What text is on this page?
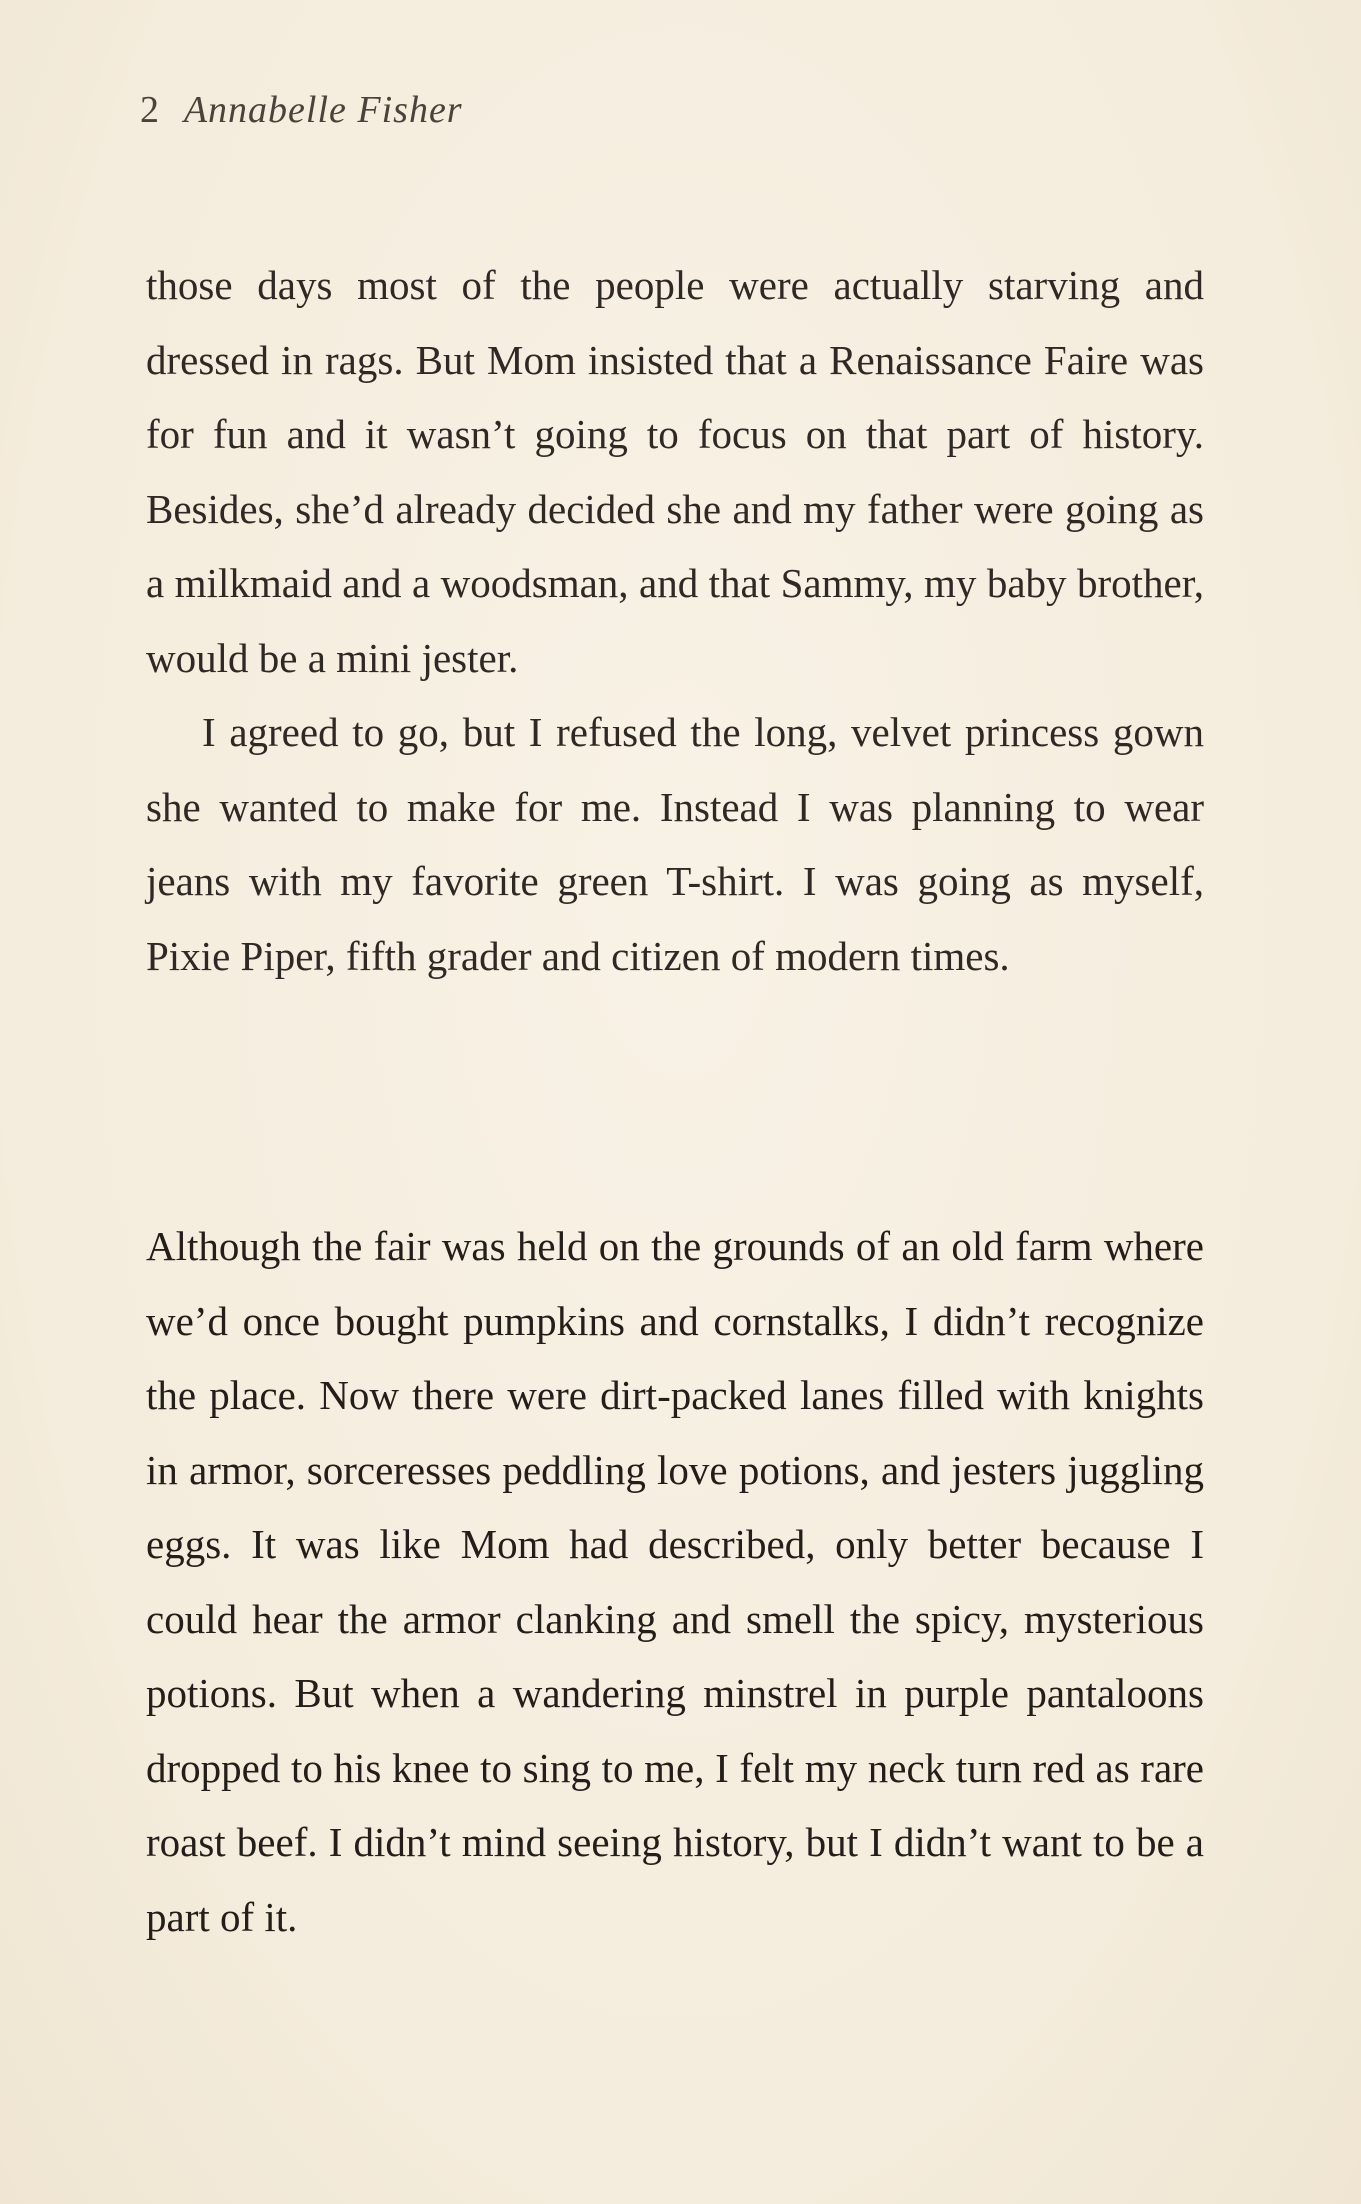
2 Annabelle Fisher

those days most of the people were actually starving and dressed in rags. But Mom insisted that a Renaissance Faire was for fun and it wasn’t going to focus on that part of history. Besides, she’d already decided she and my father were going as a milkmaid and a woodsman, and that Sammy, my baby brother, would be a mini jester.

I agreed to go, but I refused the long, velvet princess gown she wanted to make for me. Instead I was planning to wear jeans with my favorite green T-shirt. I was going as myself, Pixie Piper, fifth grader and citizen of modern times.

Although the fair was held on the grounds of an old farm where we’d once bought pumpkins and cornstalks, I didn’t recognize the place. Now there were dirt-packed lanes filled with knights in armor, sorceresses peddling love potions, and jesters juggling eggs. It was like Mom had described, only better because I could hear the armor clanking and smell the spicy, mysterious potions. But when a wandering minstrel in purple pantaloons dropped to his knee to sing to me, I felt my neck turn red as rare roast beef. I didn’t mind seeing history, but I didn’t want to be a part of it.
